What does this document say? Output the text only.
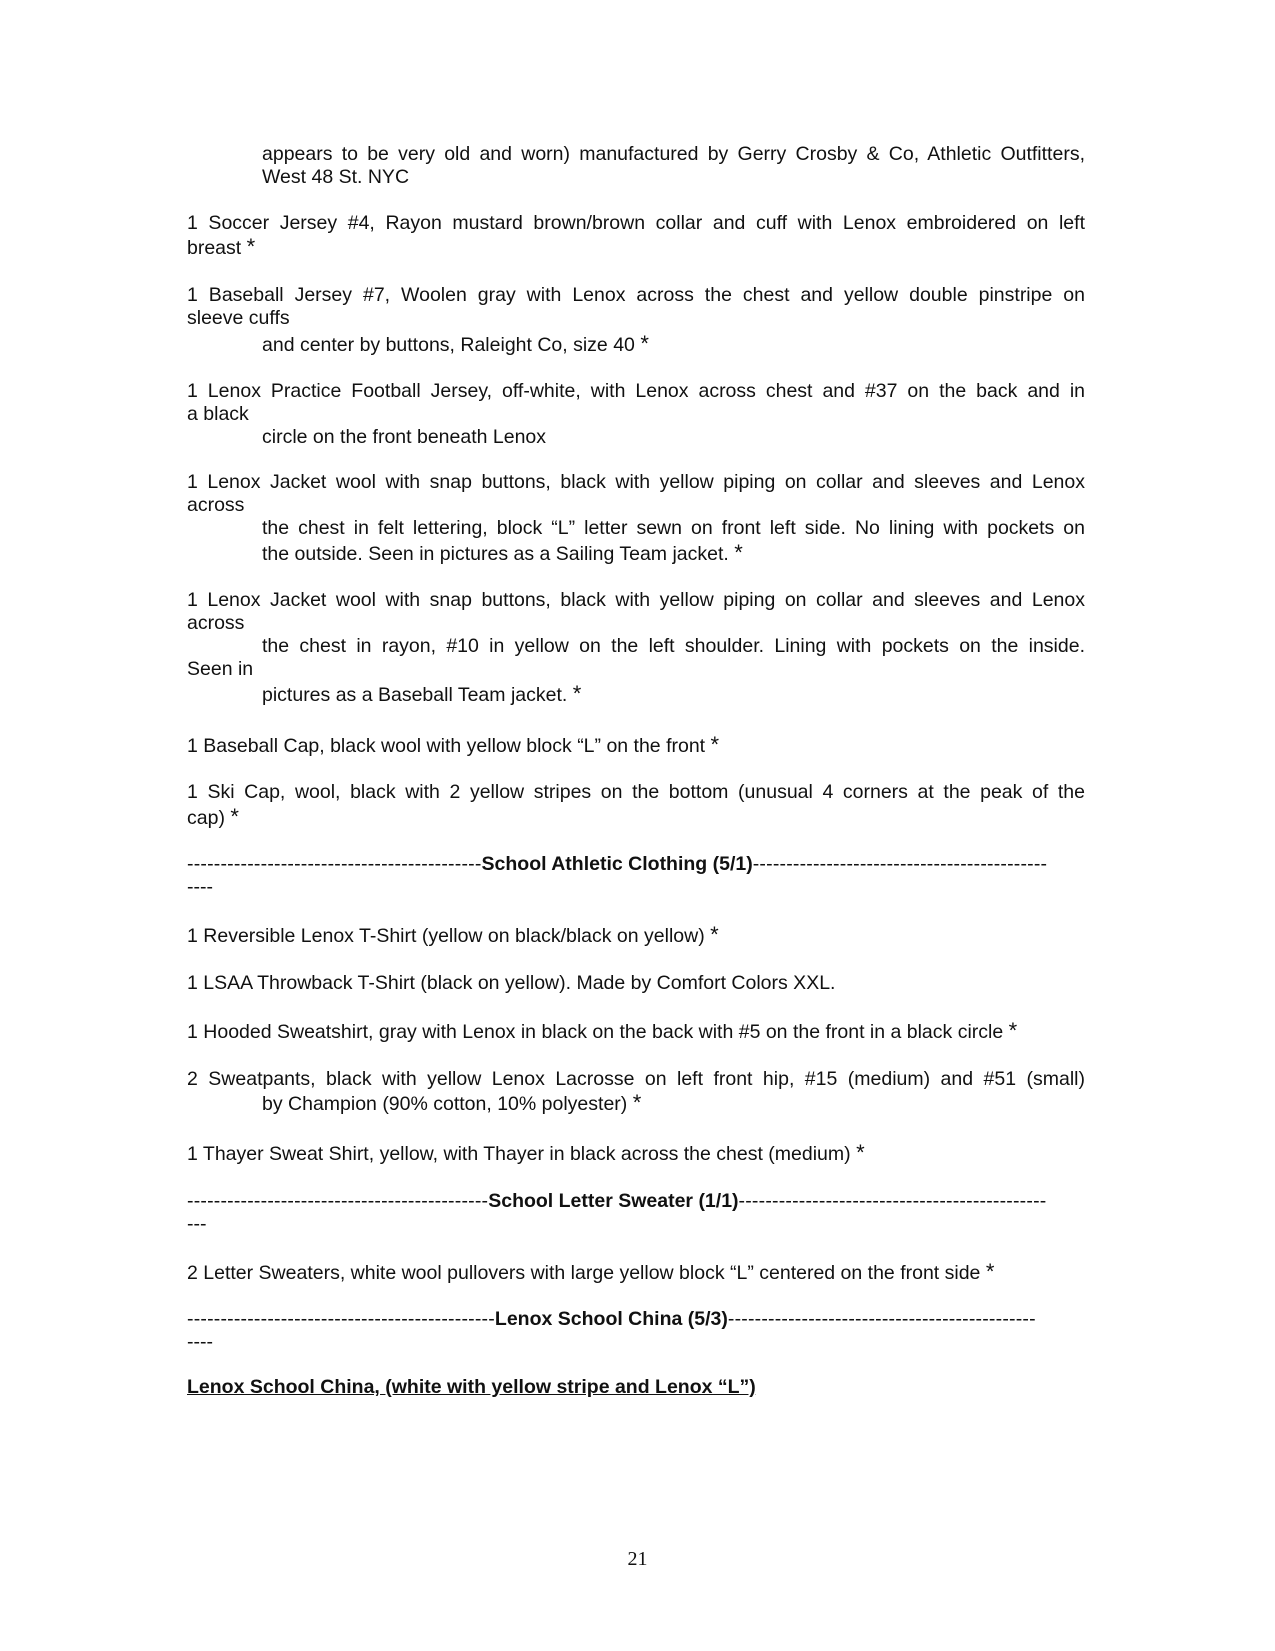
appears to be very old and worn) manufactured by Gerry Crosby & Co, Athletic Outfitters,
West 48 St. NYC
1 Soccer Jersey #4, Rayon mustard brown/brown collar and cuff with Lenox embroidered on left
breast *
1 Baseball Jersey #7, Woolen gray with Lenox across the chest and yellow double pinstripe on
sleeve cuffs
and center by buttons, Raleight Co, size 40 *
1 Lenox Practice Football Jersey, off-white, with Lenox across chest and #37 on the back and in
a black
circle on the front beneath Lenox
1 Lenox Jacket wool with snap buttons, black with yellow piping on collar and sleeves and Lenox
across
the chest in felt lettering, block “L” letter sewn on front left side. No lining with pockets on
the outside. Seen in pictures as a Sailing Team jacket. *
1 Lenox Jacket wool with snap buttons, black with yellow piping on collar and sleeves and Lenox
across
the chest in rayon, #10 in yellow on the left shoulder. Lining with pockets on the inside.
Seen in
pictures as a Baseball Team jacket. *
1 Baseball Cap, black wool with yellow block “L” on the front *
1 Ski Cap, wool, black with 2 yellow stripes on the bottom (unusual 4 corners at the peak of the
cap) *
--------------------------------------------School Athletic Clothing (5/1)--------------------------------------------
----
1 Reversible Lenox T-Shirt (yellow on black/black on yellow) *
1 LSAA Throwback T-Shirt (black on yellow). Made by Comfort Colors XXL.
1 Hooded Sweatshirt, gray with Lenox in black on the back with #5 on the front in a black circle *
2 Sweatpants, black with yellow Lenox Lacrosse on left front hip, #15 (medium) and #51 (small)
by Champion (90% cotton, 10% polyester) *
1 Thayer Sweat Shirt, yellow, with Thayer in black across the chest (medium) *
---------------------------------------------School Letter Sweater (1/1)----------------------------------------------
---
2 Letter Sweaters, white wool pullovers with large yellow block “L” centered on the front side *
----------------------------------------------Lenox School China (5/3)----------------------------------------------
----
Lenox School China, (white with yellow stripe and Lenox “L”)
21
